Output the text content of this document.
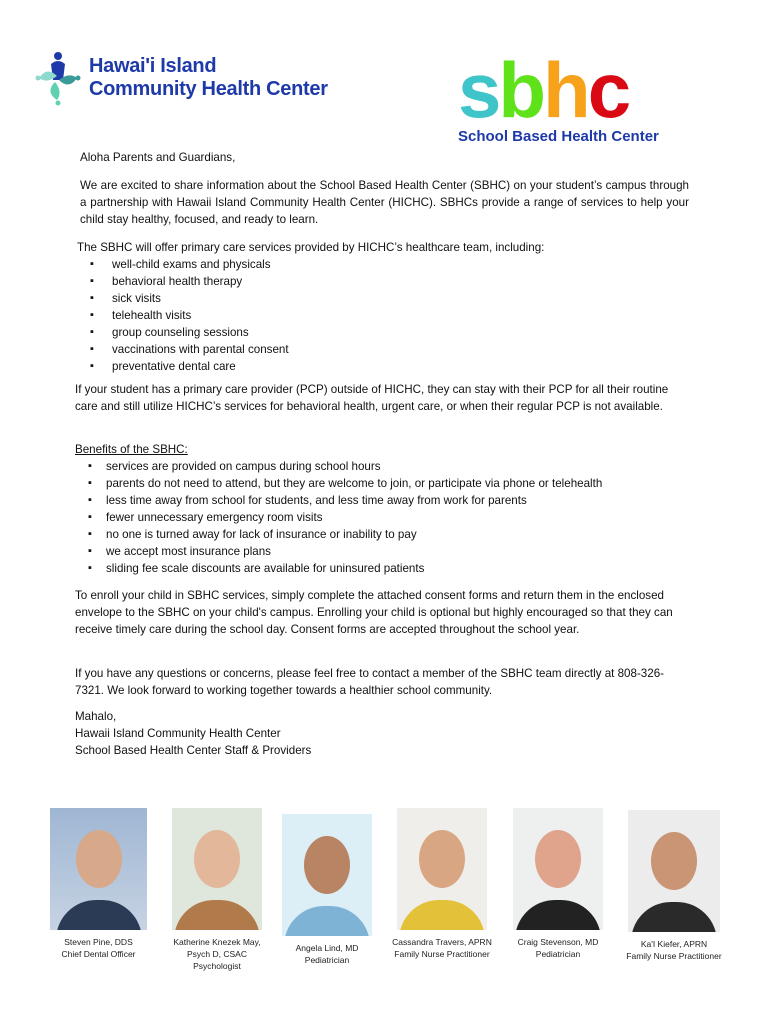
Hawai'i Island
Community Health Center sbhc
School Based Health Center
Aloha Parents and Guardians,
We are excited to share information about the School Based Health Center (SBHC) on your student’s campus through a partnership with Hawaii Island Community Health Center (HICHC). SBHCs provide a range of services to help your child stay healthy, focused, and ready to learn.
The SBHC will offer primary care services provided by HICHC’s healthcare team, including:
▪ well-child exams and physicals
▪ behavioral health therapy
▪ sick visits
▪ telehealth visits
▪ group counseling sessions
▪ vaccinations with parental consent
▪ preventative dental care
If your student has a primary care provider (PCP) outside of HICHC, they can stay with their PCP for all their routine care and still utilize HICHC’s services for behavioral health, urgent care, or when their regular PCP is not available.
Benefits of the SBHC:
▪ services are provided on campus during school hours
▪ parents do not need to attend, but they are welcome to join, or participate via phone or telehealth
▪ less time away from school for students, and less time away from work for parents
▪ fewer unnecessary emergency room visits
▪ no one is turned away for lack of insurance or inability to pay
▪ we accept most insurance plans
▪ sliding fee scale discounts are available for uninsured patients
To enroll your child in SBHC services, simply complete the attached consent forms and return them in the enclosed envelope to the SBHC on your child's campus. Enrolling your child is optional but highly encouraged so that they can receive timely care during the school day. Consent forms are accepted throughout the school year.
If you have any questions or concerns, please feel free to contact a member of the SBHC team directly at 808-326-7321. We look forward to working together towards a healthier school community.
Mahalo,
Hawaii Island Community Health Center
School Based Health Center Staff & Providers
Steven Pine, DDS
Chief Dental Officer
Katherine Knezek May, Psych D, CSAC
Psychologist
Angela Lind, MD
Pediatrician
Cassandra Travers, APRN
Family Nurse Practitioner
Craig Stevenson, MD
Pediatrician
Ka'I Kiefer, APRN
Family Nurse Practitioner
